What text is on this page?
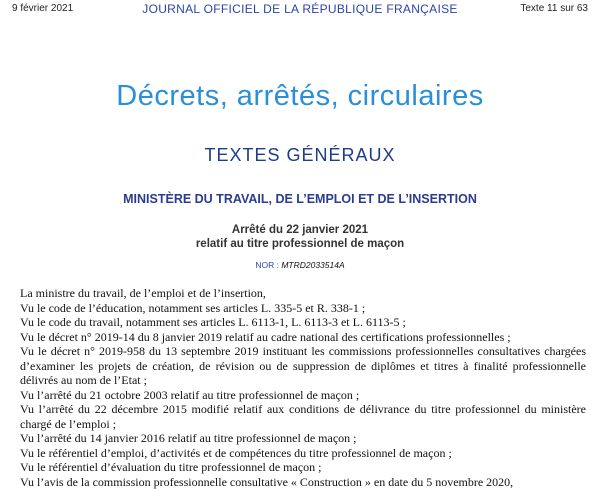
9 février 2021	JOURNAL OFFICIEL DE LA RÉPUBLIQUE FRANÇAISE	Texte 11 sur 63
Décrets, arrêtés, circulaires
TEXTES GÉNÉRAUX
MINISTÈRE DU TRAVAIL, DE L’EMPLOI ET DE L’INSERTION
Arrêté du 22 janvier 2021
relatif au titre professionnel de maçon
NOR : MTRD2033514A

La ministre du travail, de l’emploi et de l’insertion,

Vu le code de l’éducation, notamment ses articles L. 335-5 et R. 338-1 ;

Vu le code du travail, notamment ses articles L. 6113-1, L. 6113-3 et L. 6113-5 ;

Vu le décret n° 2019-14 du 8 janvier 2019 relatif au cadre national des certifications professionnelles ;

Vu le décret n° 2019-958 du 13 septembre 2019 instituant les commissions professionnelles consultatives chargées d’examiner les projets de création, de révision ou de suppression de diplômes et titres à finalité professionnelle délivrés au nom de l’Etat ;

Vu l’arrêté du 21 octobre 2003 relatif au titre professionnel de maçon ;

Vu l’arrêté du 22 décembre 2015 modifié relatif aux conditions de délivrance du titre professionnel du ministère chargé de l’emploi ;

Vu l’arrêté du 14 janvier 2016 relatif au titre professionnel de maçon ;

Vu le référentiel d’emploi, d’activités et de compétences du titre professionnel de maçon ;

Vu le référentiel d’évaluation du titre professionnel de maçon ;

Vu l’avis de la commission professionnelle consultative « Construction » en date du 5 novembre 2020,
